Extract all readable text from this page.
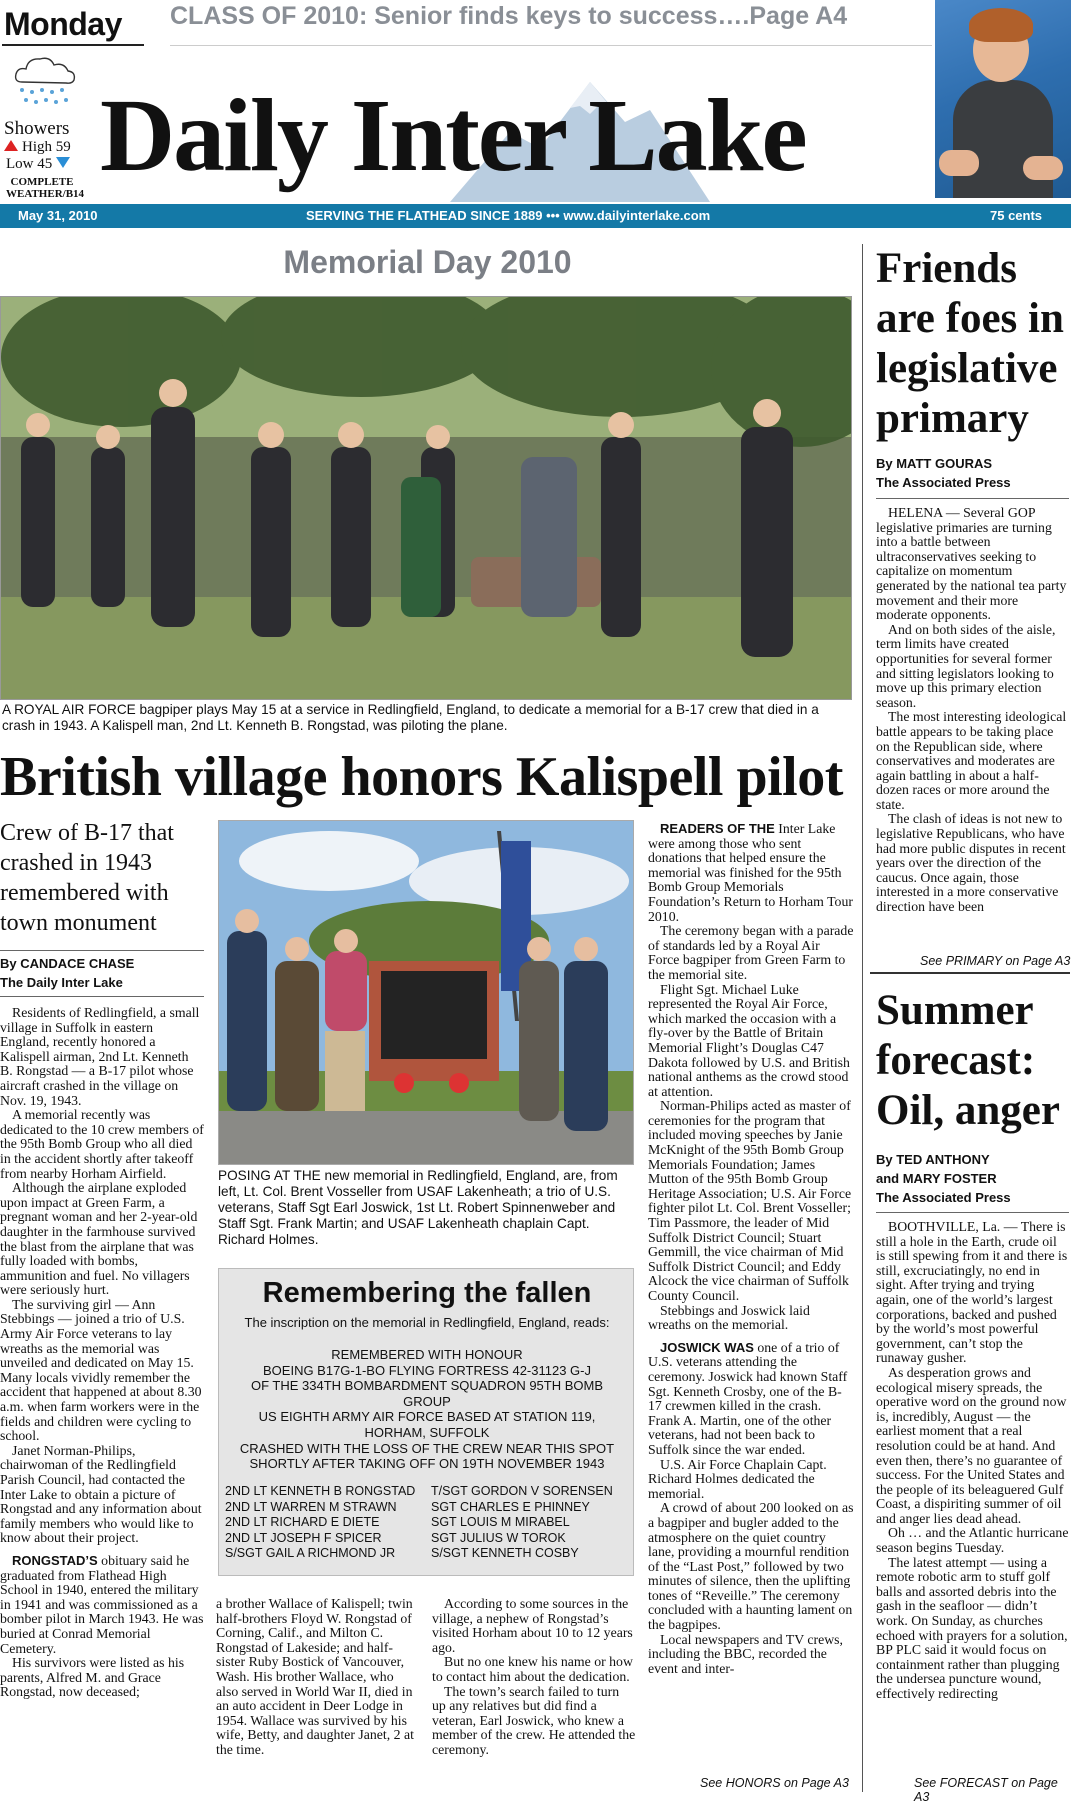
Monday CLASS OF 2010: Senior finds keys to success….Page A4
Showers
High 59
Low 45
COMPLETE WEATHER/B14
Daily Inter Lake
May 31, 2010	SERVING THE FLATHEAD SINCE 1889 ••• www.dailyinterlake.com	75 cents
Memorial Day 2010
A ROYAL AIR FORCE bagpiper plays May 15 at a service in Redlingfield, England, to dedicate a memorial for a B-17 crew that died in a crash in 1943. A Kalispell man, 2nd Lt. Kenneth B. Rongstad, was piloting the plane.
British village honors Kalispell pilot
Crew of B-17 that crashed in 1943 remembered with town monument
By CANDACE CHASE
The Daily Inter Lake

Residents of Redlingfield, a small village in Suffolk in eastern England, recently honored a Kalispell airman, 2nd Lt. Kenneth B. Rongstad — a B-17 pilot whose aircraft crashed in the village on Nov. 19, 1943.

A memorial recently was dedicated to the 10 crew members of the 95th Bomb Group who all died in the accident shortly after takeoff from nearby Horham Airfield.

Although the airplane exploded upon impact at Green Farm, a pregnant woman and her 2-year-old daughter in the farmhouse survived the blast from the airplane that was fully loaded with bombs, ammunition and fuel. No villagers were seriously hurt.

The surviving girl — Ann Stebbings — joined a trio of U.S. Army Air Force veterans to lay wreaths as the memorial was unveiled and dedicated on May 15. Many locals vividly remember the accident that happened at about 8.30 a.m. when farm workers were in the fields and children were cycling to school.

Janet Norman-Philips, chairwoman of the Redlingfield Parish Council, had contacted the Inter Lake to obtain a picture of Rongstad and any information about family members who would like to know about their project.

RONGSTAD’S obituary said he graduated from Flathead High School in 1940, entered the military in 1941 and was commissioned as a bomber pilot in March 1943. He was buried at Conrad Memorial Cemetery.

His survivors were listed as his parents, Alfred M. and Grace Rongstad, now deceased;

POSING AT THE new memorial in Redlingfield, England, are, from left, Lt. Col. Brent Vosseller from USAF Lakenheath; a trio of U.S. veterans, Staff Sgt Earl Joswick, 1st Lt. Robert Spinnenweber and Staff Sgt. Frank Martin; and USAF Lakenheath chaplain Capt. Richard Holmes.
Remembering the fallen
The inscription on the memorial in Redlingfield, England, reads:
REMEMBERED WITH HONOUR
BOEING B17G-1-BO FLYING FORTRESS 42-31123 G-J
OF THE 334TH BOMBARDMENT SQUADRON 95TH BOMB GROUP
US EIGHTH ARMY AIR FORCE BASED AT STATION 119, HORHAM, SUFFOLK
CRASHED WITH THE LOSS OF THE CREW NEAR THIS SPOT SHORTLY AFTER TAKING OFF ON 19TH NOVEMBER 1943
2ND LT KENNETH B RONGSTAD
2ND LT WARREN M STRAWN
2ND LT RICHARD E DIETE
2ND LT JOSEPH F SPICER
S/SGT GAIL A RICHMOND JR
T/SGT GORDON V SORENSEN
SGT CHARLES E PHINNEY
SGT LOUIS M MIRABEL
SGT JULIUS W TOROK
S/SGT KENNETH COSBY

a brother Wallace of Kalispell; twin half-brothers Floyd W. Rongstad of Corning, Calif., and Milton C. Rongstad of Lakeside; and half-sister Ruby Bostick of Vancouver, Wash. His brother Wallace, who also served in World War II, died in an auto accident in Deer Lodge in 1954. Wallace was survived by his wife, Betty, and daughter Janet, 2 at the time.

According to some sources in the village, a nephew of Rongstad’s visited Horham about 10 to 12 years ago.

But no one knew his name or how to contact him about the dedication.

The town’s search failed to turn up any relatives but did find a veteran, Earl Joswick, who knew a member of the crew. He attended the ceremony.

READERS OF THE Inter Lake were among those who sent donations that helped ensure the memorial was finished for the 95th Bomb Group Memorials Foundation’s Return to Horham Tour 2010.

The ceremony began with a parade of standards led by a Royal Air Force bagpiper from Green Farm to the memorial site.

Flight Sgt. Michael Luke represented the Royal Air Force, which marked the occasion with a fly-over by the Battle of Britain Memorial Flight’s Douglas C47 Dakota followed by U.S. and British national anthems as the crowd stood at attention.

Norman-Philips acted as master of ceremonies for the program that included moving speeches by Janie McKnight of the 95th Bomb Group Memorials Foundation; James Mutton of the 95th Bomb Group Heritage Association; U.S. Air Force fighter pilot Lt. Col. Brent Vosseller; Tim Passmore, the leader of Mid Suffolk District Council; Stuart Gemmill, the vice chairman of Mid Suffolk District Council; and Eddy Alcock the vice chairman of Suffolk County Council.

Stebbings and Joswick laid wreaths on the memorial.

JOSWICK WAS one of a trio of U.S. veterans attending the ceremony. Joswick had known Staff Sgt. Kenneth Crosby, one of the B-17 crewmen killed in the crash. Frank A. Martin, one of the other veterans, had not been back to Suffolk since the war ended.

U.S. Air Force Chaplain Capt. Richard Holmes dedicated the memorial.

A crowd of about 200 looked on as a bagpiper and bugler added to the atmosphere on the quiet country lane, providing a mournful rendition of the “Last Post,” followed by two minutes of silence, then the uplifting tones of “Reveille.” The ceremony concluded with a haunting lament on the bagpipes.

Local newspapers and TV crews, including the BBC, recorded the event and inter-

See HONORS on Page A3
Friends are foes in legislative primary
By MATT GOURAS
The Associated Press

HELENA — Several GOP legislative primaries are turning into a battle between ultraconservatives seeking to capitalize on momentum generated by the national tea party movement and their more moderate opponents.

And on both sides of the aisle, term limits have created opportunities for several former and sitting legislators looking to move up this primary election season.

The most interesting ideological battle appears to be taking place on the Republican side, where conservatives and moderates are again battling in about a half-dozen races or more around the state.

The clash of ideas is not new to legislative Republicans, who have had more public disputes in recent years over the direction of the caucus. Once again, those interested in a more conservative direction have been

See PRIMARY on Page A3
Summer forecast: Oil, anger
By TED ANTHONY
and MARY FOSTER
The Associated Press

BOOTHVILLE, La. — There is still a hole in the Earth, crude oil is still spewing from it and there is still, excruciatingly, no end in sight. After trying and trying again, one of the world’s largest corporations, backed and pushed by the world’s most powerful government, can’t stop the runaway gusher.

As desperation grows and ecological misery spreads, the operative word on the ground now is, incredibly, August — the earliest moment that a real resolution could be at hand. And even then, there’s no guarantee of success. For the United States and the people of its beleaguered Gulf Coast, a dispiriting summer of oil and anger lies dead ahead.

Oh … and the Atlantic hurricane season begins Tuesday.

The latest attempt — using a remote robotic arm to stuff golf balls and assorted debris into the gash in the seafloor — didn’t work. On Sunday, as churches echoed with prayers for a solution, BP PLC said it would focus on containment rather than plugging the undersea puncture wound, effectively redirecting

See FORECAST on Page A3
